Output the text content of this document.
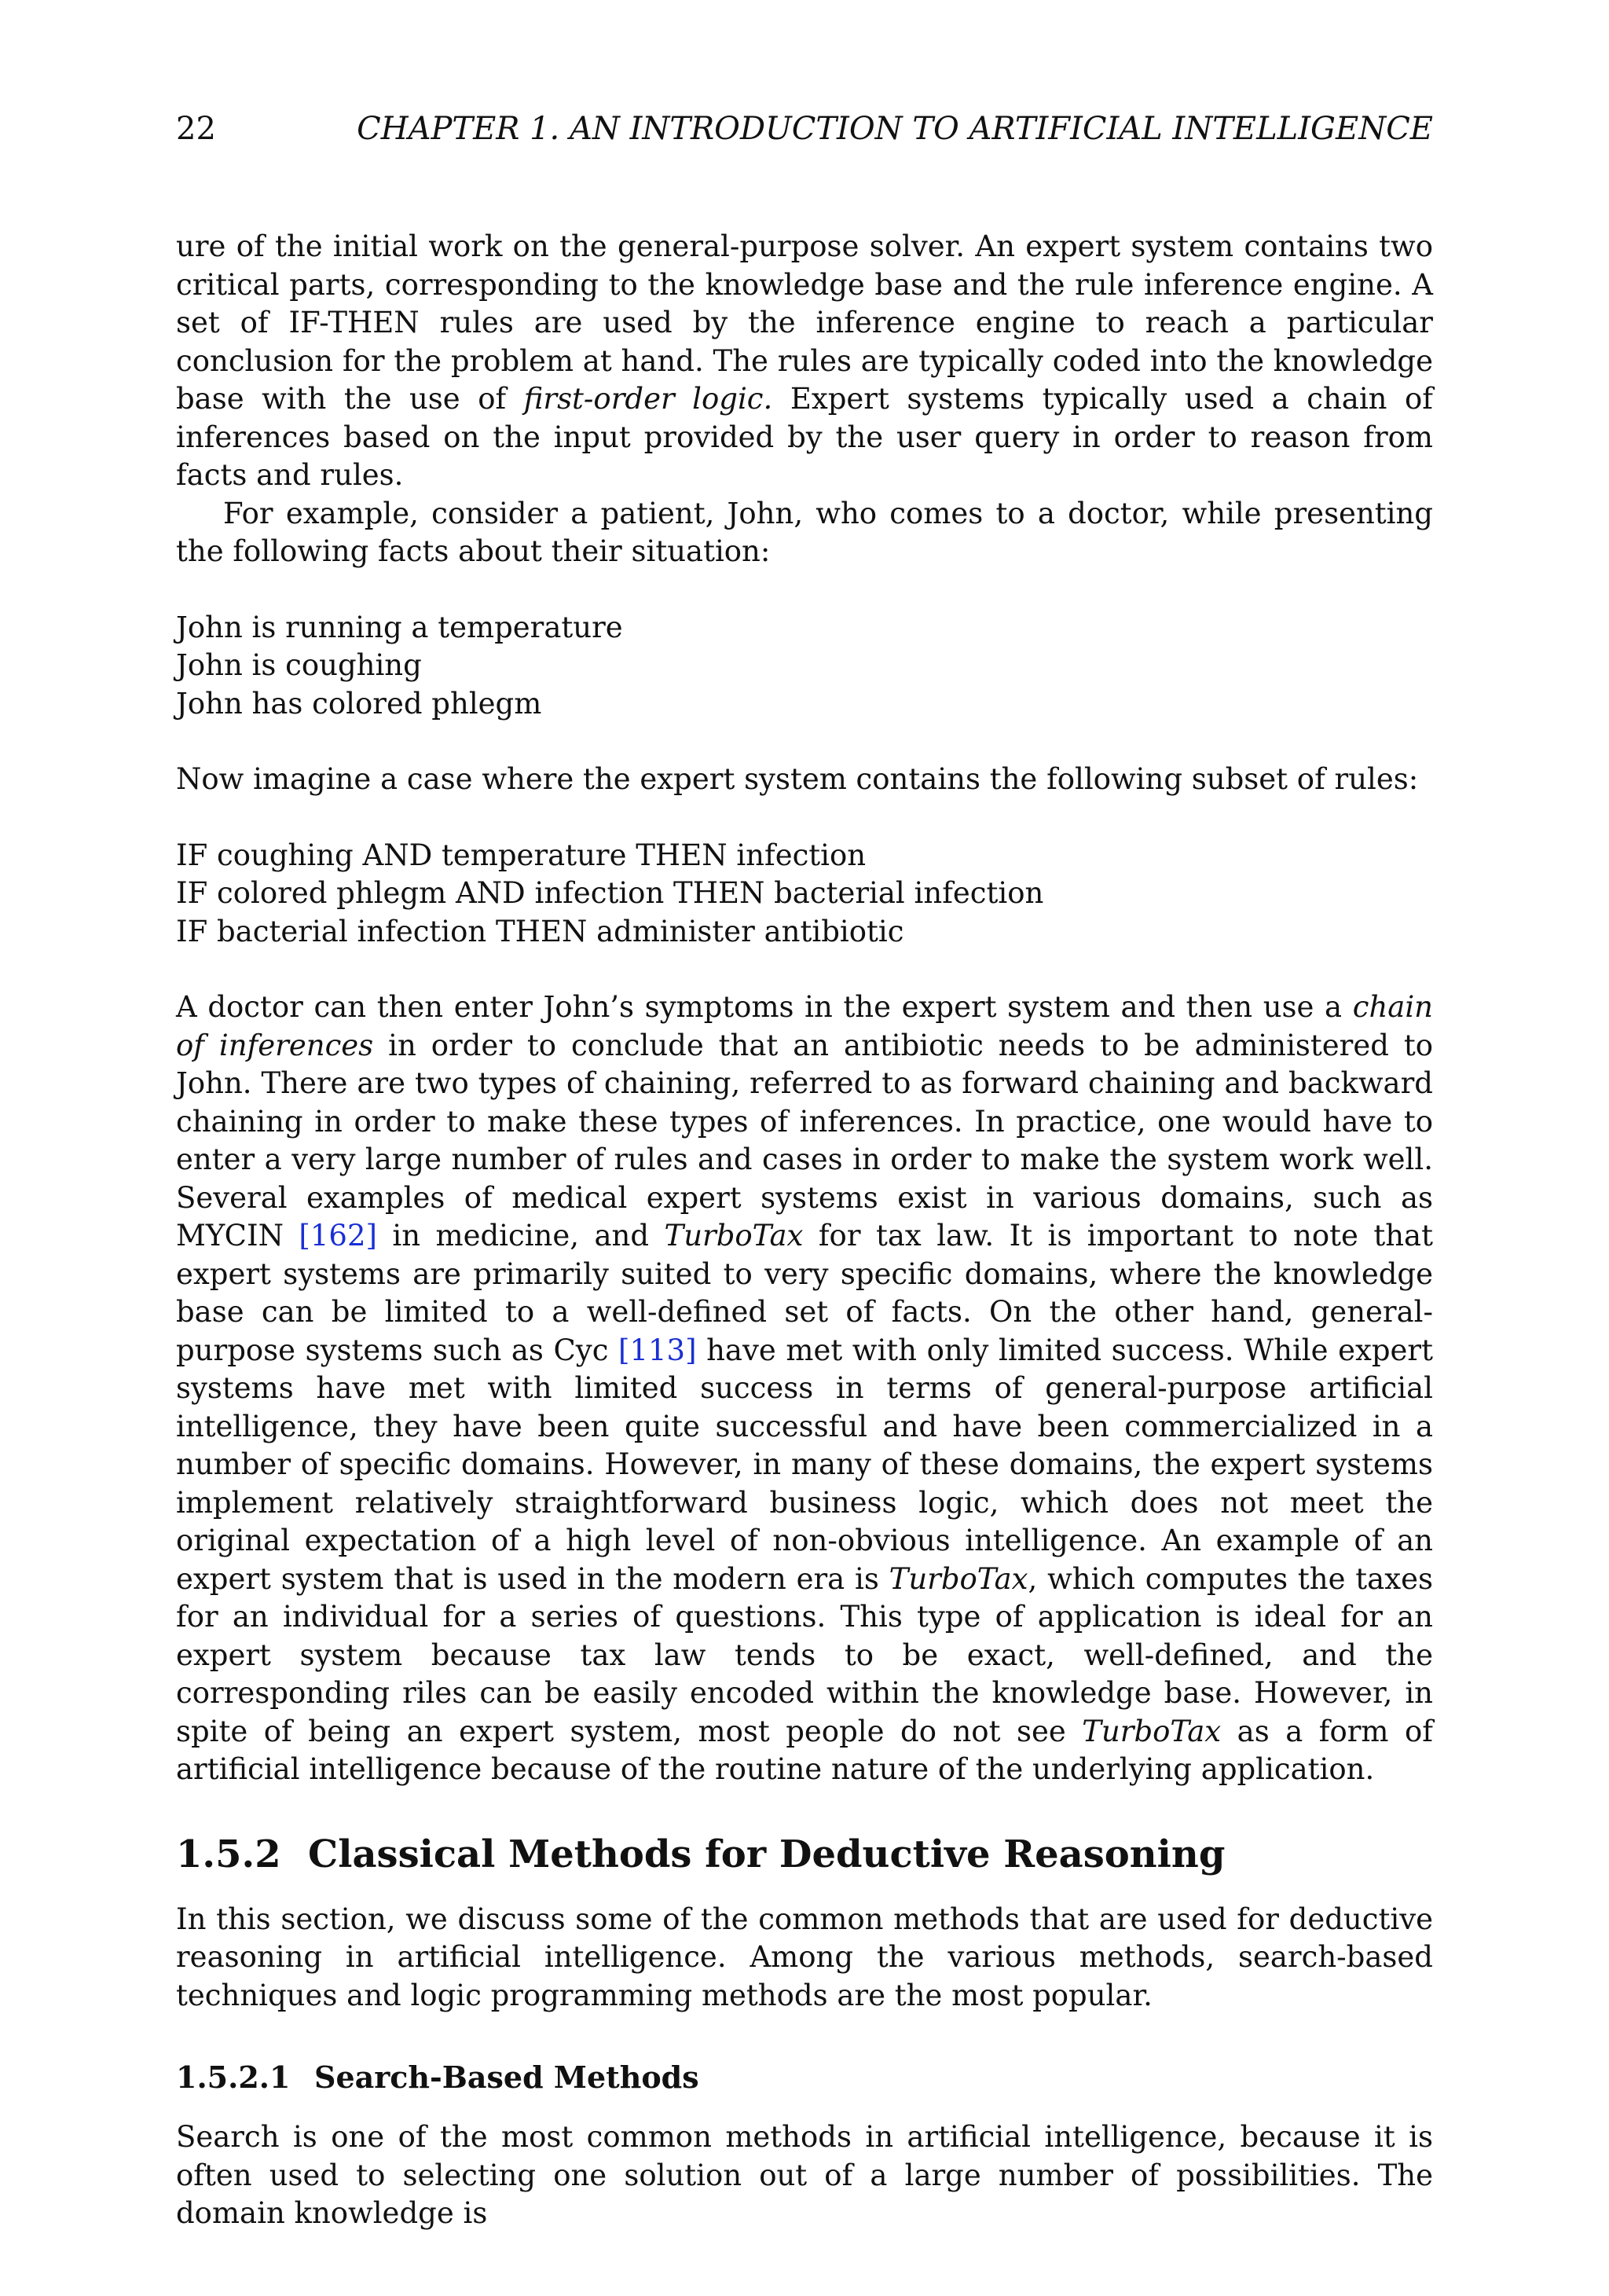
22	CHAPTER 1. AN INTRODUCTION TO ARTIFICIAL INTELLIGENCE

ure of the initial work on the general-purpose solver. An expert system contains two critical parts, corresponding to the knowledge base and the rule inference engine. A set of IF-THEN rules are used by the inference engine to reach a particular conclusion for the problem at hand. The rules are typically coded into the knowledge base with the use of first-order logic. Expert systems typically used a chain of inferences based on the input provided by the user query in order to reason from facts and rules.

For example, consider a patient, John, who comes to a doctor, while presenting the following facts about their situation:

John is running a temperature
John is coughing
John has colored phlegm

Now imagine a case where the expert system contains the following subset of rules:

IF coughing AND temperature THEN infection
IF colored phlegm AND infection THEN bacterial infection
IF bacterial infection THEN administer antibiotic

A doctor can then enter John’s symptoms in the expert system and then use a chain of inferences in order to conclude that an antibiotic needs to be administered to John. There are two types of chaining, referred to as forward chaining and backward chaining in order to make these types of inferences. In practice, one would have to enter a very large number of rules and cases in order to make the system work well. Several examples of medical expert systems exist in various domains, such as MYCIN [162] in medicine, and TurboTax for tax law. It is important to note that expert systems are primarily suited to very specific domains, where the knowledge base can be limited to a well-defined set of facts. On the other hand, general-purpose systems such as Cyc [113] have met with only limited success. While expert systems have met with limited success in terms of general-purpose artificial intelligence, they have been quite successful and have been commercialized in a number of specific domains. However, in many of these domains, the expert systems implement relatively straightforward business logic, which does not meet the original expectation of a high level of non-obvious intelligence. An example of an expert system that is used in the modern era is TurboTax, which computes the taxes for an individual for a series of questions. This type of application is ideal for an expert system because tax law tends to be exact, well-defined, and the corresponding riles can be easily encoded within the knowledge base. However, in spite of being an expert system, most people do not see TurboTax as a form of artificial intelligence because of the routine nature of the underlying application.

1.5.2 Classical Methods for Deductive Reasoning

In this section, we discuss some of the common methods that are used for deductive reasoning in artificial intelligence. Among the various methods, search-based techniques and logic programming methods are the most popular.

1.5.2.1 Search-Based Methods

Search is one of the most common methods in artificial intelligence, because it is often used to selecting one solution out of a large number of possibilities. The domain knowledge is
